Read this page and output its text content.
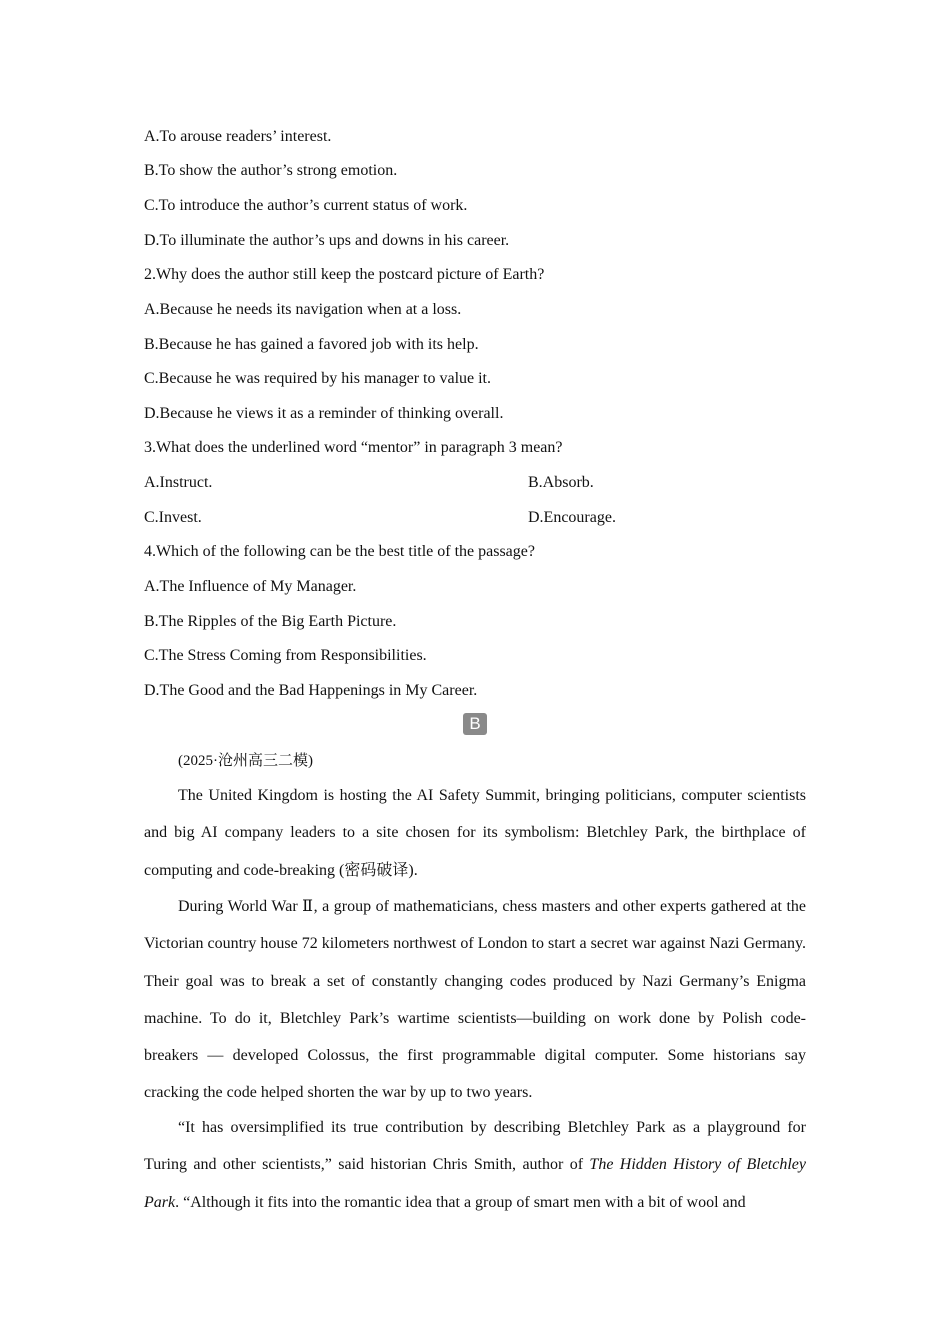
A.To arouse readers’ interest.
B.To show the author’s strong emotion.
C.To introduce the author’s current status of work.
D.To illuminate the author’s ups and downs in his career.
2.Why does the author still keep the postcard picture of Earth?
A.Because he needs its navigation when at a loss.
B.Because he has gained a favored job with its help.
C.Because he was required by his manager to value it.
D.Because he views it as a reminder of thinking overall.
3.What does the underlined word “mentor” in paragraph 3 mean?
A.Instruct.	B.Absorb.
C.Invest.	D.Encourage.
4.Which of the following can be the best title of the passage?
A.The Influence of My Manager.
B.The Ripples of the Big Earth Picture.
C.The Stress Coming from Responsibilities.
D.The Good and the Bad Happenings in My Career.
B
(2025·沧州高三二模)

The United Kingdom is hosting the AI Safety Summit, bringing politicians, computer scientists and big AI company leaders to a site chosen for its symbolism: Bletchley Park, the birthplace of computing and code-breaking (密码破译).

During World War Ⅱ, a group of mathematicians, chess masters and other experts gathered at the Victorian country house 72 kilometers northwest of London to start a secret war against Nazi Germany. Their goal was to break a set of constantly changing codes produced by Nazi Germany’s Enigma machine. To do it, Bletchley Park’s wartime scientists—building on work done by Polish code-breakers — developed Colossus, the first programmable digital computer. Some historians say cracking the code helped shorten the war by up to two years.

“It has oversimplified its true contribution by describing Bletchley Park as a playground for Turing and other scientists,” said historian Chris Smith, author of The Hidden History of Bletchley Park. “Although it fits into the romantic idea that a group of smart men with a bit of wool and
